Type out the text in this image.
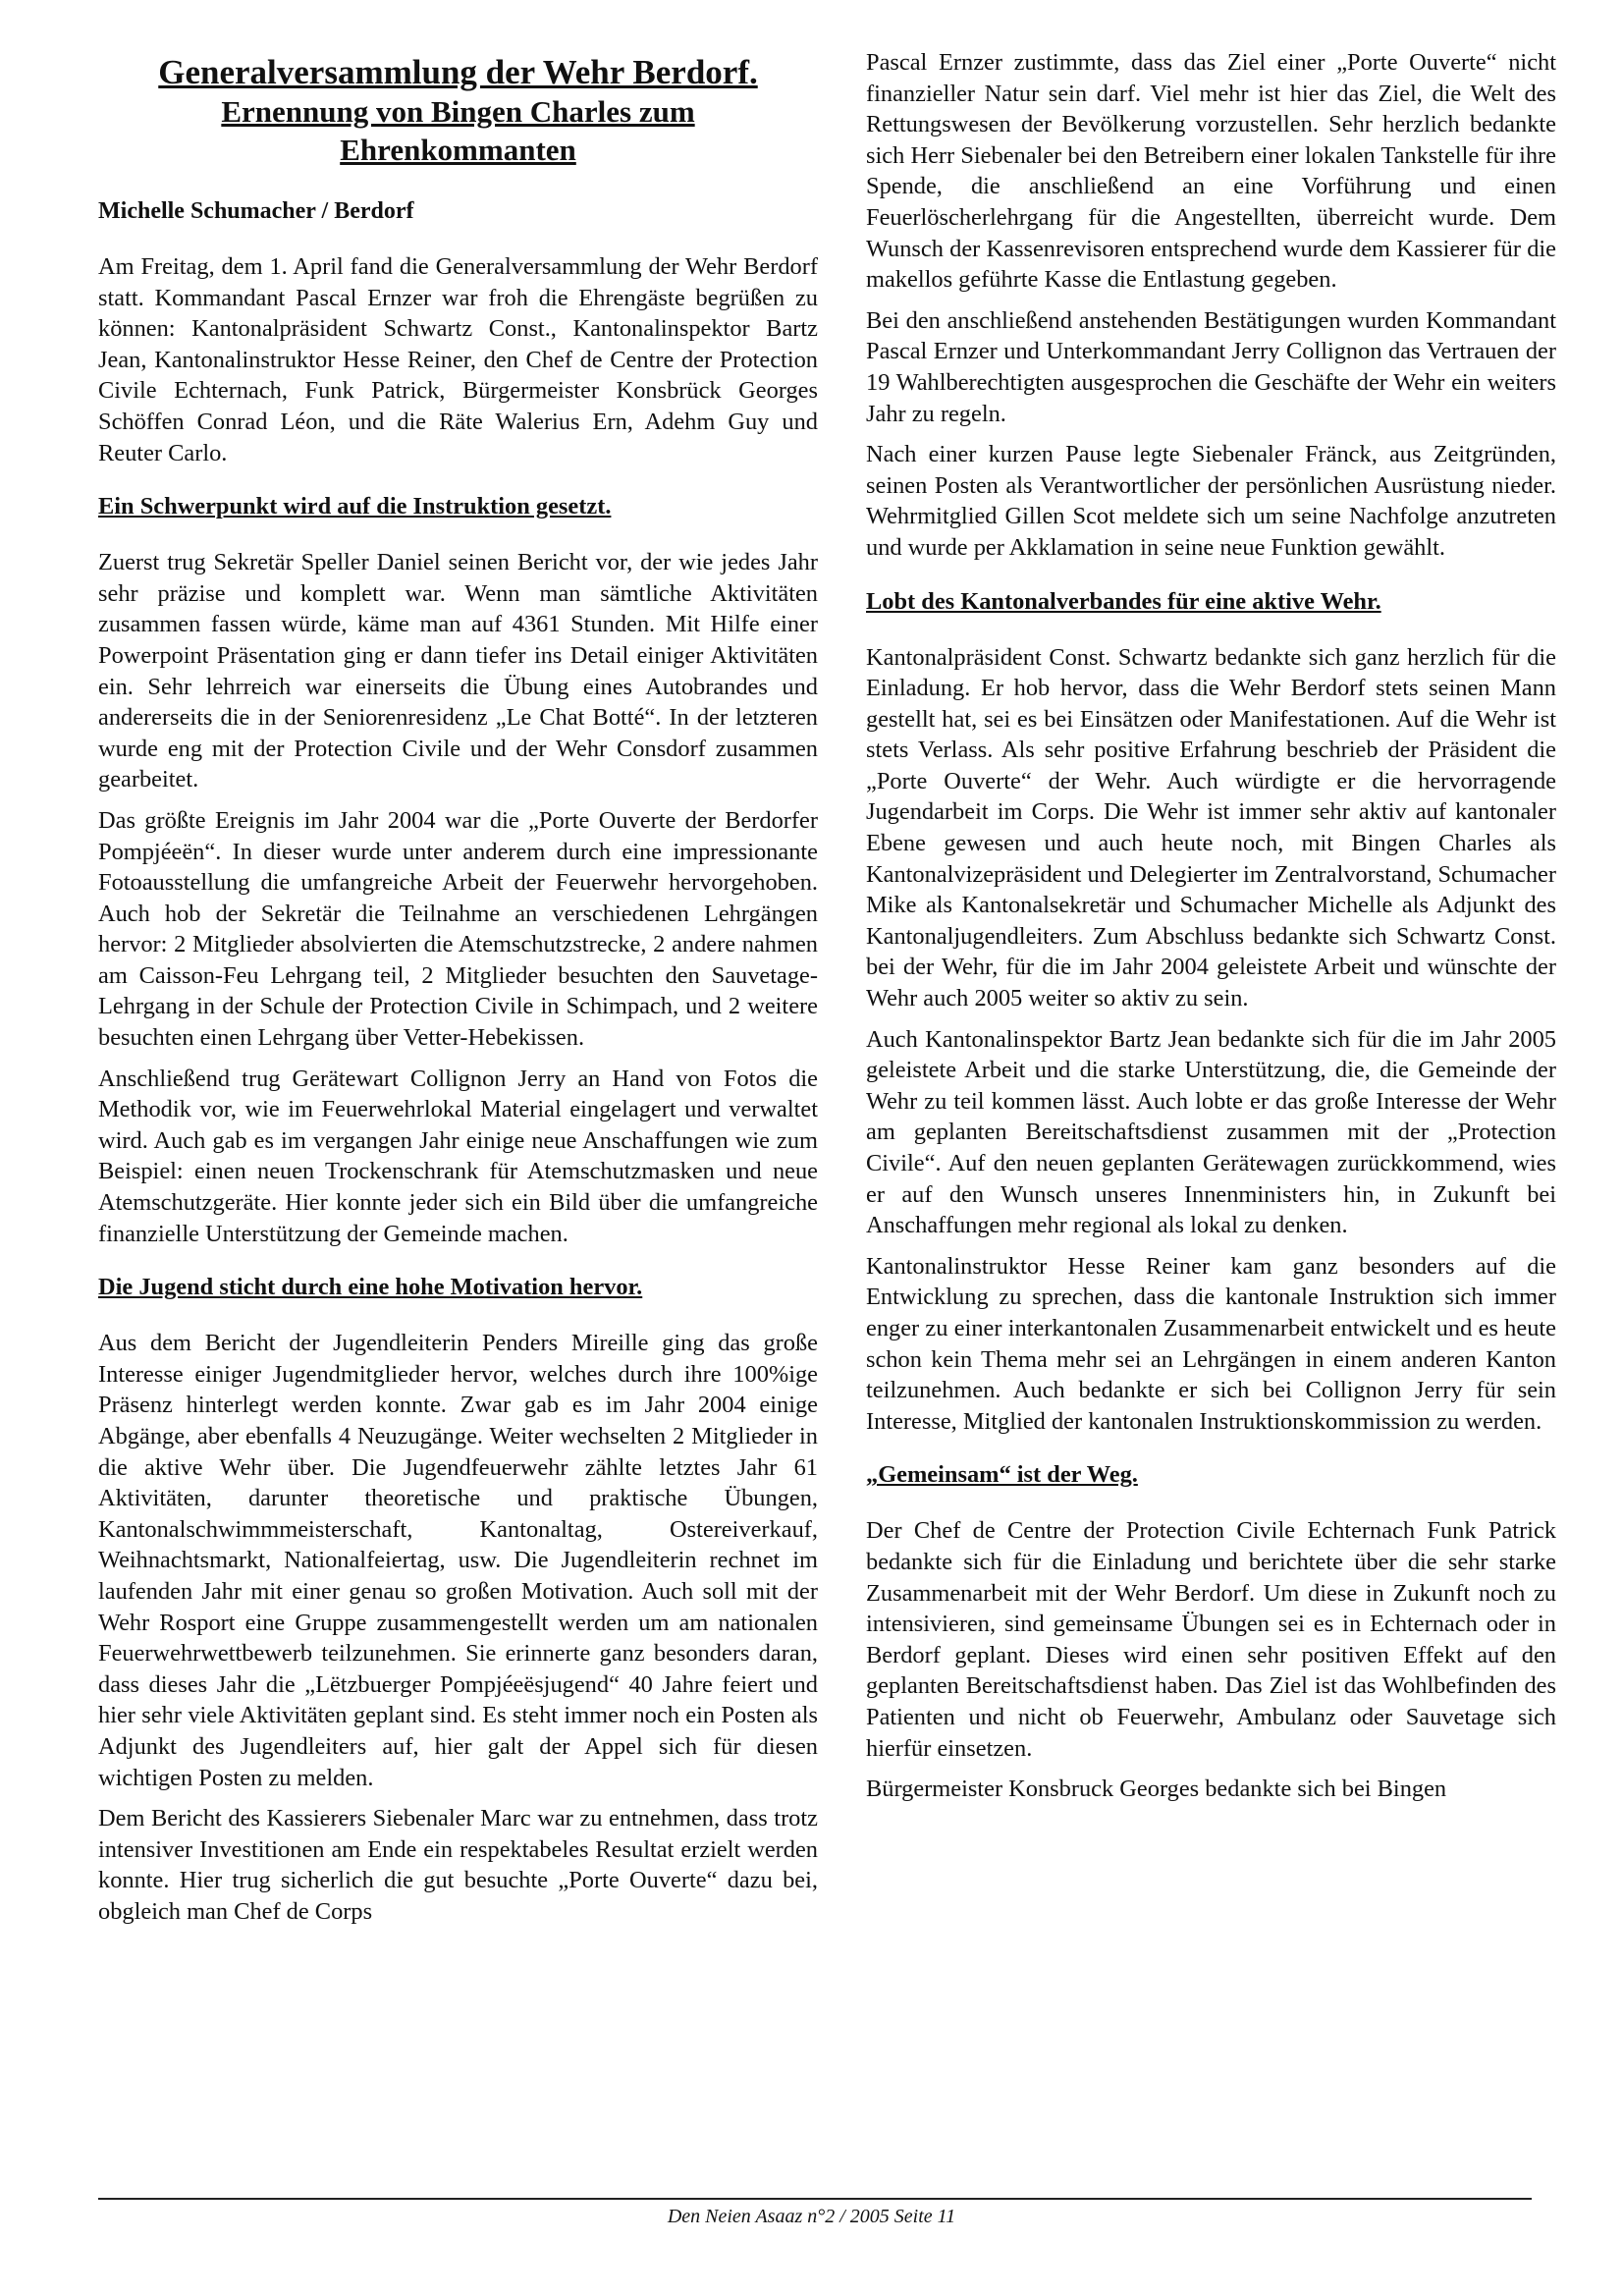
Generalversammlung der Wehr Berdorf.
Ernennung von Bingen Charles zum
Ehrenkommanten

Michelle Schumacher / Berdorf

Am Freitag, dem 1. April fand die Generalversammlung der Wehr Berdorf statt. Kommandant Pascal Ernzer war froh die Ehrengäste begrüßen zu können: Kantonalpräsident Schwartz Const., Kantonalinspektor Bartz Jean, Kantonalinstruktor Hesse Reiner, den Chef de Centre der Protection Civile Echternach, Funk Patrick, Bürgermeister Konsbrück Georges Schöffen Conrad Léon, und die Räte Walerius Ern, Adehm Guy und Reuter Carlo.

Ein Schwerpunkt wird auf die Instruktion gesetzt.

Zuerst trug Sekretär Speller Daniel seinen Bericht vor, der wie jedes Jahr sehr präzise und komplett war. Wenn man sämtliche Aktivitäten zusammen fassen würde, käme man auf 4361 Stunden. Mit Hilfe einer Powerpoint Präsentation ging er dann tiefer ins Detail einiger Aktivitäten ein. Sehr lehrreich war einerseits die Übung eines Autobrandes und andererseits die in der Seniorenresidenz „Le Chat Botté“. In der letzteren wurde eng mit der Protection Civile und der Wehr Consdorf zusammen gearbeitet.

Das größte Ereignis im Jahr 2004 war die „Porte Ouverte der Berdorfer Pompjéeën“. In dieser wurde unter anderem durch eine impressionante Fotoausstellung die umfangreiche Arbeit der Feuerwehr hervorgehoben. Auch hob der Sekretär die Teilnahme an verschiedenen Lehrgängen hervor: 2 Mitglieder absolvierten die Atemschutzstrecke, 2 andere nahmen am Caisson-Feu Lehrgang teil, 2 Mitglieder besuchten den Sauvetage-Lehrgang in der Schule der Protection Civile in Schimpach, und 2 weitere besuchten einen Lehrgang über Vetter-Hebekissen.

Anschließend trug Gerätewart Collignon Jerry an Hand von Fotos die Methodik vor, wie im Feuerwehrlokal Material eingelagert und verwaltet wird. Auch gab es im vergangen Jahr einige neue Anschaffungen wie zum Beispiel: einen neuen Trockenschrank für Atemschutzmasken und neue Atemschutzgeräte. Hier konnte jeder sich ein Bild über die umfangreiche finanzielle Unterstützung der Gemeinde machen.

Die Jugend sticht durch eine hohe Motivation hervor.

Aus dem Bericht der Jugendleiterin Penders Mireille ging das große Interesse einiger Jugendmitglieder hervor, welches durch ihre 100%ige Präsenz hinterlegt werden konnte. Zwar gab es im Jahr 2004 einige Abgänge, aber ebenfalls 4 Neuzugänge. Weiter wechselten 2 Mitglieder in die aktive Wehr über. Die Jugendfeuerwehr zählte letztes Jahr 61 Aktivitäten, darunter theoretische und praktische Übungen, Kantonalschwimmmeisterschaft, Kantonaltag, Ostereiverkauf, Weihnachtsmarkt, Nationalfeiertag, usw. Die Jugendleiterin rechnet im laufenden Jahr mit einer genau so großen Motivation. Auch soll mit der Wehr Rosport eine Gruppe zusammengestellt werden um am nationalen Feuerwehrwettbewerb teilzunehmen. Sie erinnerte ganz besonders daran, dass dieses Jahr die „Lëtzbuerger Pompjéeësjugend“ 40 Jahre feiert und hier sehr viele Aktivitäten geplant sind. Es steht immer noch ein Posten als Adjunkt des Jugendleiters auf, hier galt der Appel sich für diesen wichtigen Posten zu melden.

Dem Bericht des Kassierers Siebenaler Marc war zu entnehmen, dass trotz intensiver Investitionen am Ende ein respektabeles Resultat erzielt werden konnte. Hier trug sicherlich die gut besuchte „Porte Ouverte“ dazu bei, obgleich man Chef de Corps

Pascal Ernzer zustimmte, dass das Ziel einer „Porte Ouverte“ nicht finanzieller Natur sein darf. Viel mehr ist hier das Ziel, die Welt des Rettungswesen der Bevölkerung vorzustellen. Sehr herzlich bedankte sich Herr Siebenaler bei den Betreibern einer lokalen Tankstelle für ihre Spende, die anschließend an eine Vorführung und einen Feuerlöscherlehrgang für die Angestellten, überreicht wurde. Dem Wunsch der Kassenrevisoren entsprechend wurde dem Kassierer für die makellos geführte Kasse die Entlastung gegeben.

Bei den anschließend anstehenden Bestätigungen wurden Kommandant Pascal Ernzer und Unterkommandant Jerry Collignon das Vertrauen der 19 Wahlberechtigten ausgesprochen die Geschäfte der Wehr ein weiters Jahr zu regeln.

Nach einer kurzen Pause legte Siebenaler Fränck, aus Zeitgründen, seinen Posten als Verantwortlicher der persönlichen Ausrüstung nieder. Wehrmitglied Gillen Scot meldete sich um seine Nachfolge anzutreten und wurde per Akklamation in seine neue Funktion gewählt.

Lobt des Kantonalverbandes für eine aktive Wehr.

Kantonalpräsident Const. Schwartz bedankte sich ganz herzlich für die Einladung. Er hob hervor, dass die Wehr Berdorf stets seinen Mann gestellt hat, sei es bei Einsätzen oder Manifestationen. Auf die Wehr ist stets Verlass. Als sehr positive Erfahrung beschrieb der Präsident die „Porte Ouverte“ der Wehr. Auch würdigte er die hervorragende Jugendarbeit im Corps. Die Wehr ist immer sehr aktiv auf kantonaler Ebene gewesen und auch heute noch, mit Bingen Charles als Kantonalvizepräsident und Delegierter im Zentralvorstand, Schumacher Mike als Kantonalsekretär und Schumacher Michelle als Adjunkt des Kantonaljugendleiters. Zum Abschluss bedankte sich Schwartz Const. bei der Wehr, für die im Jahr 2004 geleistete Arbeit und wünschte der Wehr auch 2005 weiter so aktiv zu sein.

Auch Kantonalinspektor Bartz Jean bedankte sich für die im Jahr 2005 geleistete Arbeit und die starke Unterstützung, die, die Gemeinde der Wehr zu teil kommen lässt. Auch lobte er das große Interesse der Wehr am geplanten Bereitschaftsdienst zusammen mit der „Protection Civile“. Auf den neuen geplanten Gerätewagen zurückkommend, wies er auf den Wunsch unseres Innenministers hin, in Zukunft bei Anschaffungen mehr regional als lokal zu denken.

Kantonalinstruktor Hesse Reiner kam ganz besonders auf die Entwicklung zu sprechen, dass die kantonale Instruktion sich immer enger zu einer interkantonalen Zusammenarbeit entwickelt und es heute schon kein Thema mehr sei an Lehrgängen in einem anderen Kanton teilzunehmen. Auch bedankte er sich bei Collignon Jerry für sein Interesse, Mitglied der kantonalen Instruktionskommission zu werden.

„Gemeinsam“ ist der Weg.

Der Chef de Centre der Protection Civile Echternach Funk Patrick bedankte sich für die Einladung und berichtete über die sehr starke Zusammenarbeit mit der Wehr Berdorf. Um diese in Zukunft noch zu intensivieren, sind gemeinsame Übungen sei es in Echternach oder in Berdorf geplant. Dieses wird einen sehr positiven Effekt auf den geplanten Bereitschaftsdienst haben. Das Ziel ist das Wohlbefinden des Patienten und nicht ob Feuerwehr, Ambulanz oder Sauvetage sich hierfür einsetzen.

Bürgermeister Konsbruck Georges bedankte sich bei Bingen

Den Neien Asaaz n°2 / 2005 Seite 11
